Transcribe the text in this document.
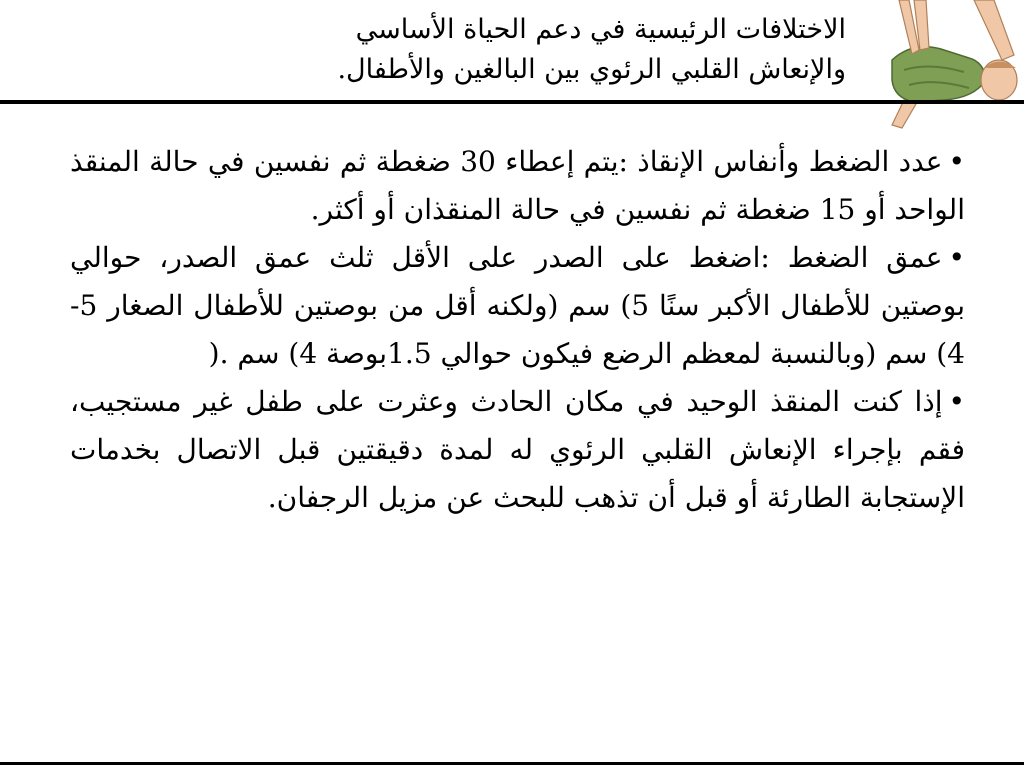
الاختلافات الرئيسية في دعم الحياة الأساسي
والإنعاش القلبي الرئوي بين البالغين والأطفال.

•عدد الضغط وأنفاس الإنقاذ :يتم إعطاء 30 ضغطة ثم نفسين في حالة المنقذ الواحد أو 15 ضغطة ثم نفسين في حالة المنقذان أو أكثر.

•عمق الضغط :اضغط على الصدر على الأقل ثلث عمق الصدر، حوالي بوصتين للأطفال الأكبر سنًا 5) سم (ولكنه أقل من بوصتين للأطفال الصغار 5- 4) سم (وبالنسبة لمعظم الرضع فيكون حوالي 1.5بوصة 4) سم .(

•إذا كنت المنقذ الوحيد في مكان الحادث وعثرت على طفل غير مستجيب، فقم بإجراء الإنعاش القلبي الرئوي له لمدة دقيقتين قبل الاتصال بخدمات الإستجابة الطارئة أو قبل أن تذهب للبحث عن مزيل الرجفان.
